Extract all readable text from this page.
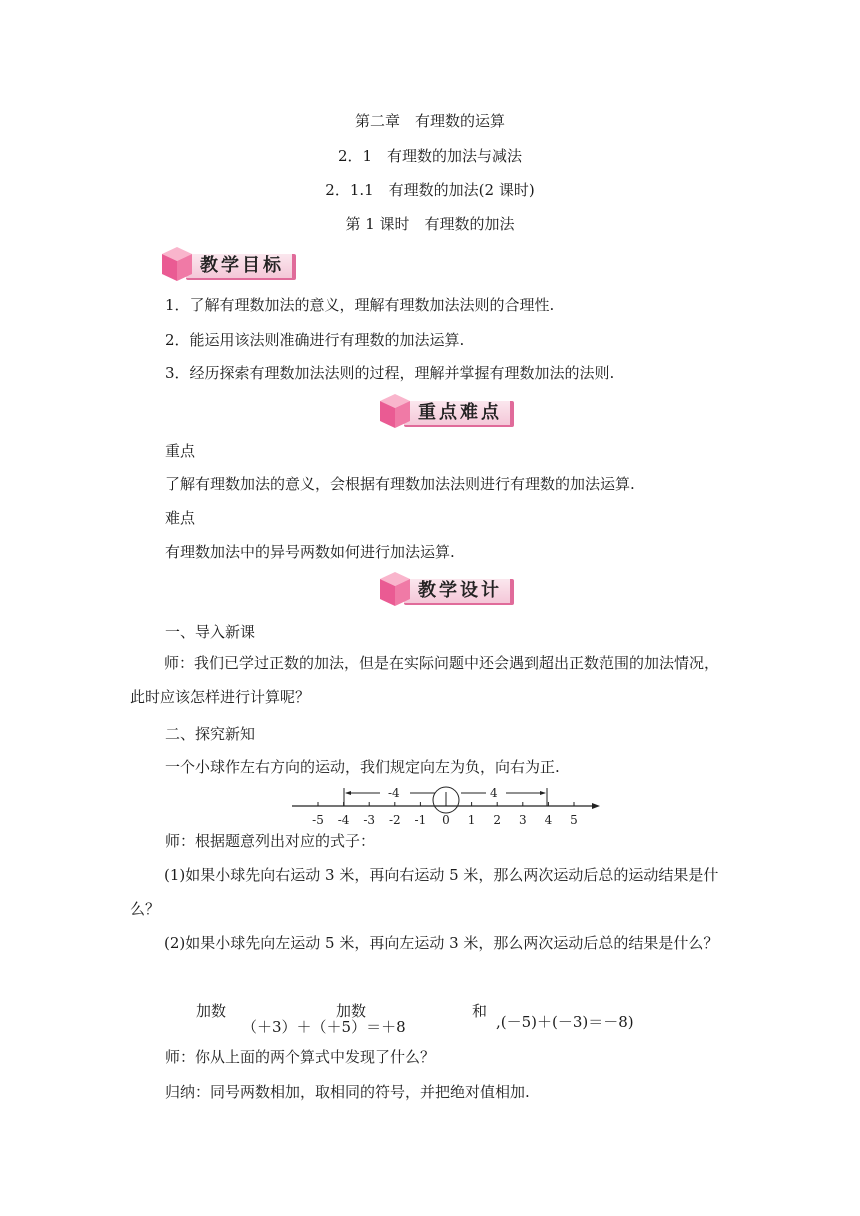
第二章　有理数的运算
2．1　有理数的加法与减法
2．1.1　有理数的加法(2 课时)
第 1 课时　有理数的加法
教学目标
1．了解有理数加法的意义，理解有理数加法法则的合理性.
2．能运用该法则准确进行有理数的加法运算.
3．经历探索有理数加法法则的过程，理解并掌握有理数加法的法则.
重点难点
重点
了解有理数加法的意义，会根据有理数加法法则进行有理数的加法运算.
难点
有理数加法中的异号两数如何进行加法运算.
教学设计
一、导入新课
师：我们已学过正数的加法，但是在实际问题中还会遇到超出正数范围的加法情况，此时应该怎样进行计算呢？
二、探究新知
一个小球作左右方向的运动，我们规定向左为负，向右为正.
-5 -4 -3 -2 -1 0 1 2 3 4 5
-4	4
师：根据题意列出对应的式子：
(1)如果小球先向右运动 3 米，再向右运动 5 米，那么两次运动后总的运动结果是什么？
(2)如果小球先向左运动 5 米，再向左运动 3 米，那么两次运动后总的结果是什么？
加数	加数	和
（＋3）＋（＋5）＝＋8	,(－5)＋(－3)＝－8)
师：你从上面的两个算式中发现了什么？
归纳：同号两数相加，取相同的符号，并把绝对值相加.
